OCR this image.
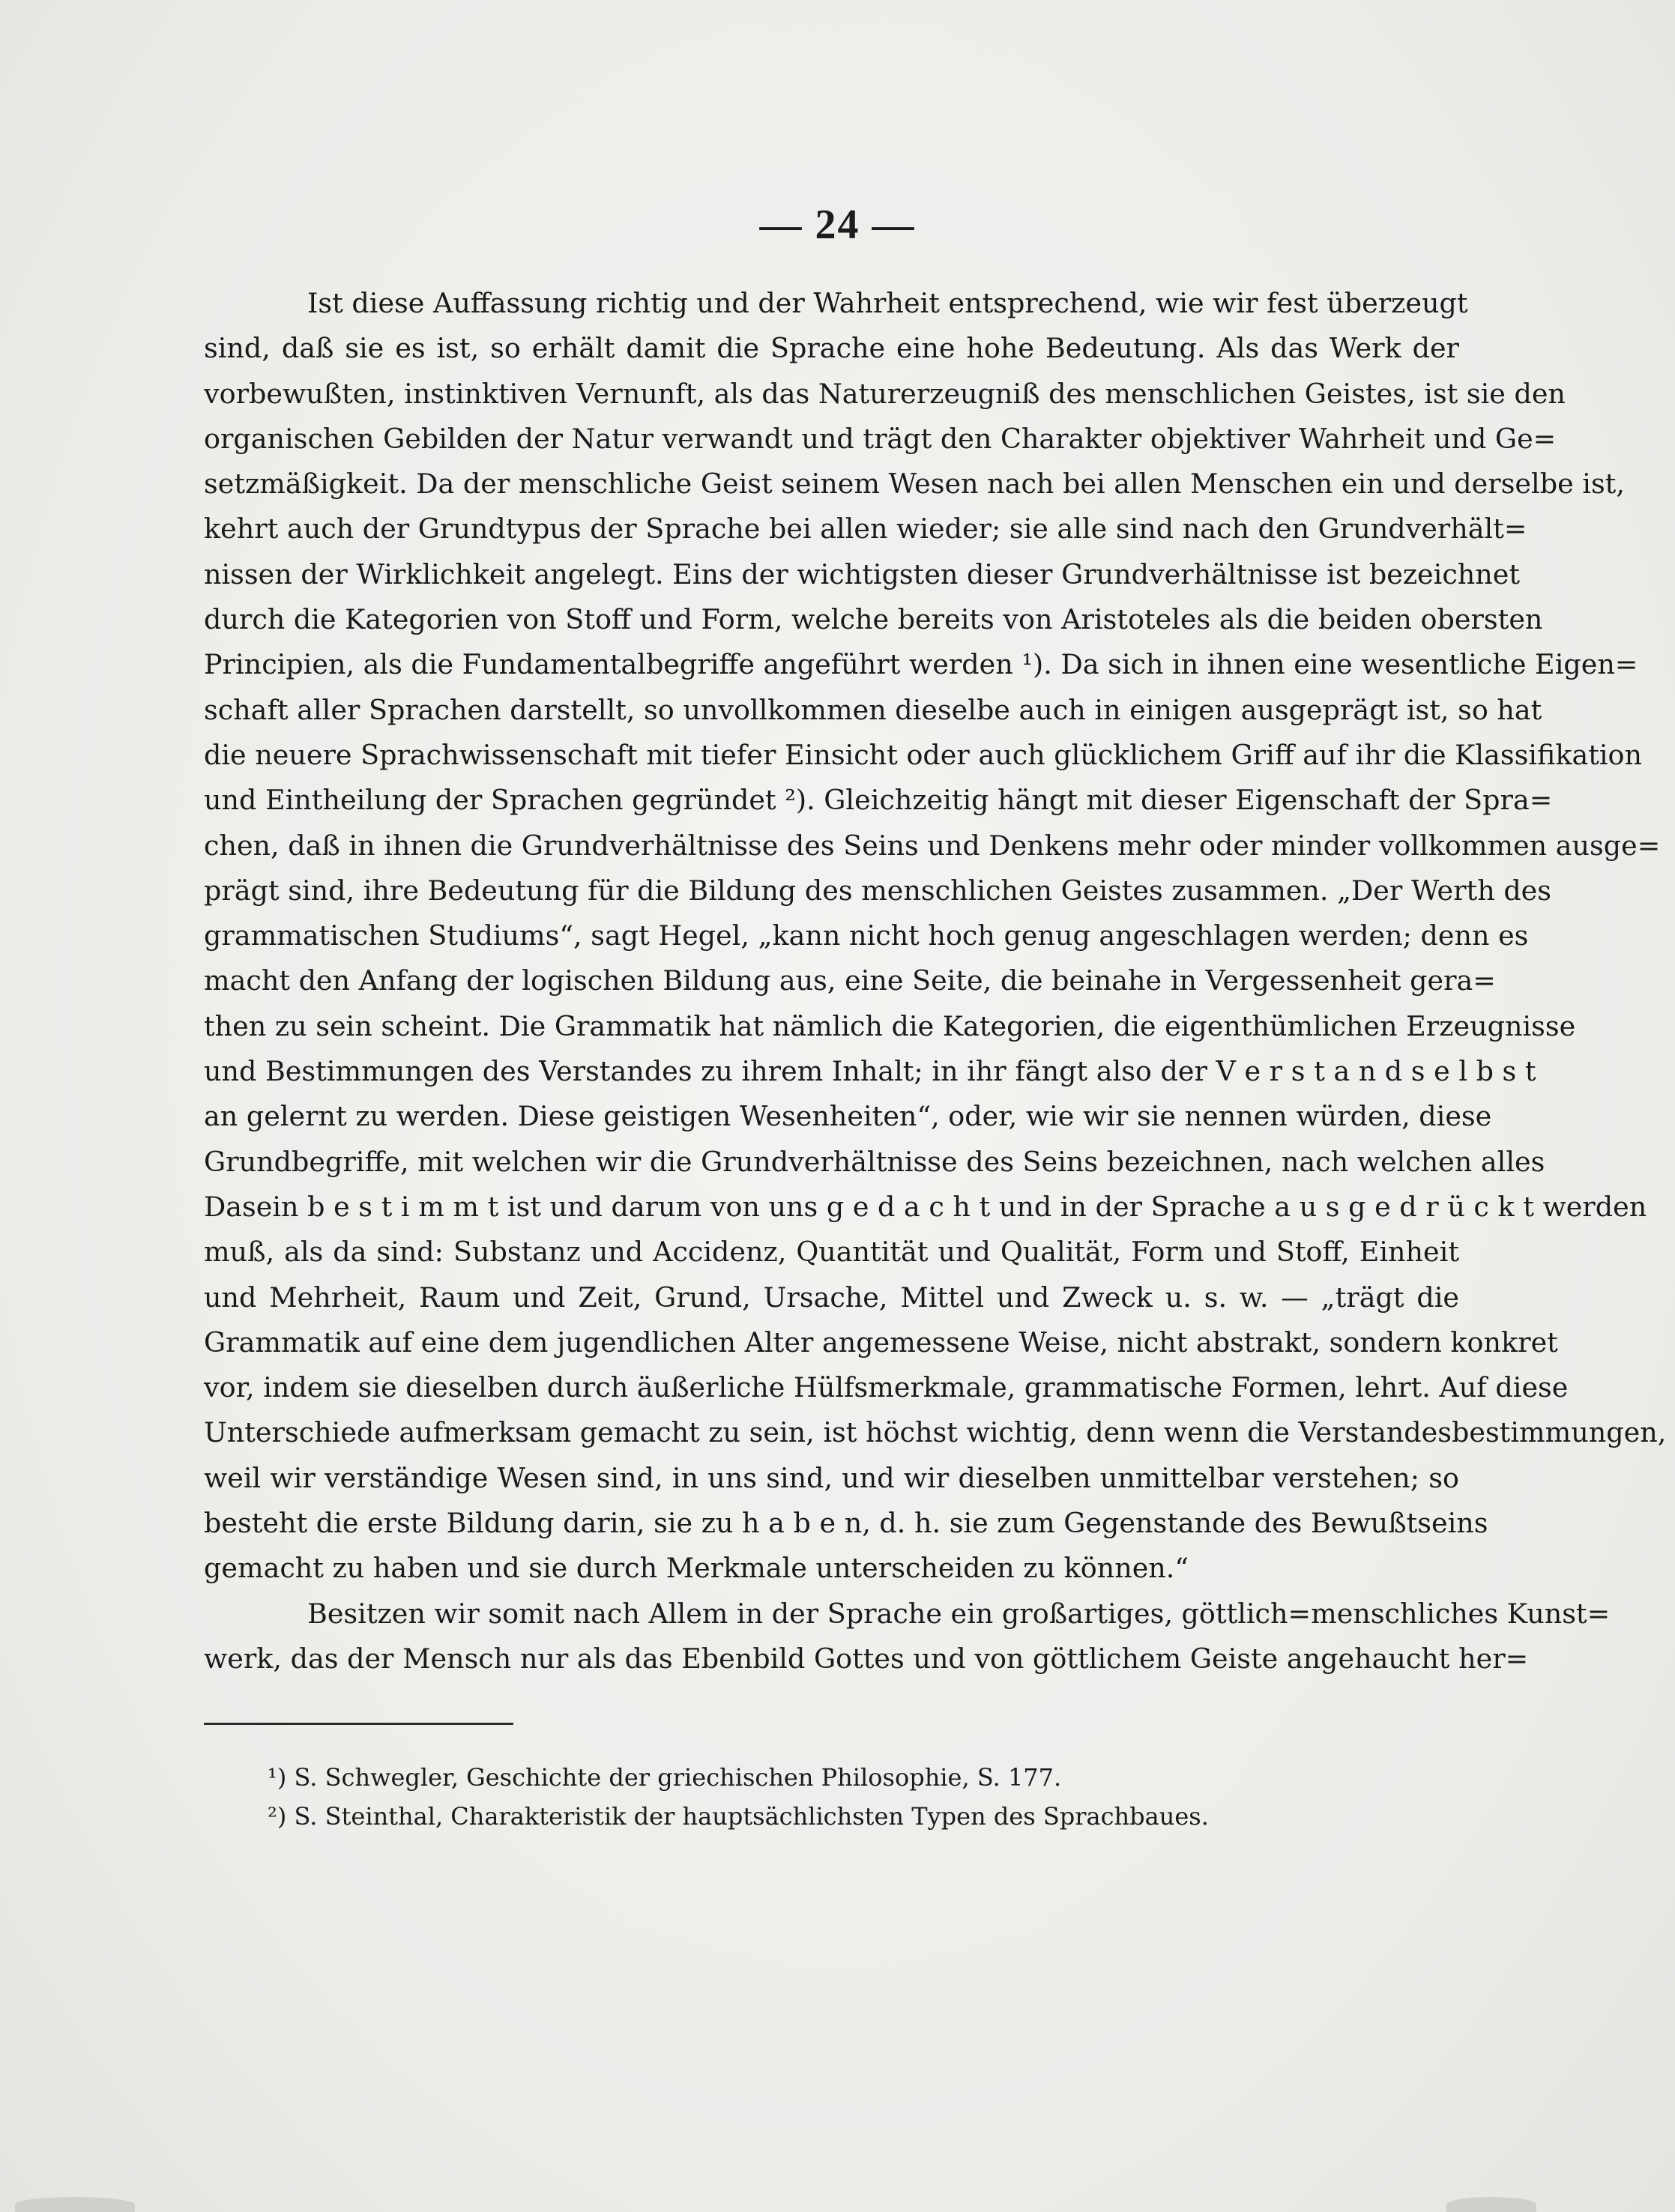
— 24 —
Ist diese Auffassung richtig und der Wahrheit entsprechend, wie wir fest überzeugt
sind, daß sie es ist, so erhält damit die Sprache eine hohe Bedeutung. Als das Werk der
vorbewußten, instinktiven Vernunft, als das Naturerzeugniß des menschlichen Geistes, ist sie den
organischen Gebilden der Natur verwandt und trägt den Charakter objektiver Wahrheit und Ge=
setzmäßigkeit. Da der menschliche Geist seinem Wesen nach bei allen Menschen ein und derselbe ist,
kehrt auch der Grundtypus der Sprache bei allen wieder; sie alle sind nach den Grundverhält=
nissen der Wirklichkeit angelegt. Eins der wichtigsten dieser Grundverhältnisse ist bezeichnet
durch die Kategorien von Stoff und Form, welche bereits von Aristoteles als die beiden obersten
Principien, als die Fundamentalbegriffe angeführt werden ¹). Da sich in ihnen eine wesentliche Eigen=
schaft aller Sprachen darstellt, so unvollkommen dieselbe auch in einigen ausgeprägt ist, so hat
die neuere Sprachwissenschaft mit tiefer Einsicht oder auch glücklichem Griff auf ihr die Klassifikation
und Eintheilung der Sprachen gegründet ²). Gleichzeitig hängt mit dieser Eigenschaft der Spra=
chen, daß in ihnen die Grundverhältnisse des Seins und Denkens mehr oder minder vollkommen ausge=
prägt sind, ihre Bedeutung für die Bildung des menschlichen Geistes zusammen. „Der Werth des
grammatischen Studiums“, sagt Hegel, „kann nicht hoch genug angeschlagen werden; denn es
macht den Anfang der logischen Bildung aus, eine Seite, die beinahe in Vergessenheit gera=
then zu sein scheint. Die Grammatik hat nämlich die Kategorien, die eigenthümlichen Erzeugnisse
und Bestimmungen des Verstandes zu ihrem Inhalt; in ihr fängt also der V e r s t a n d s e l b s t
an gelernt zu werden. Diese geistigen Wesenheiten“, oder, wie wir sie nennen würden, diese
Grundbegriffe, mit welchen wir die Grundverhältnisse des Seins bezeichnen, nach welchen alles
Dasein b e s t i m m t ist und darum von uns g e d a c h t und in der Sprache a u s g e d r ü c k t werden
muß, als da sind: Substanz und Accidenz, Quantität und Qualität, Form und Stoff, Einheit
und Mehrheit, Raum und Zeit, Grund, Ursache, Mittel und Zweck u. s. w. — „trägt die
Grammatik auf eine dem jugendlichen Alter angemessene Weise, nicht abstrakt, sondern konkret
vor, indem sie dieselben durch äußerliche Hülfsmerkmale, grammatische Formen, lehrt. Auf diese
Unterschiede aufmerksam gemacht zu sein, ist höchst wichtig, denn wenn die Verstandesbestimmungen,
weil wir verständige Wesen sind, in uns sind, und wir dieselben unmittelbar verstehen; so
besteht die erste Bildung darin, sie zu h a b e n, d. h. sie zum Gegenstande des Bewußtseins
gemacht zu haben und sie durch Merkmale unterscheiden zu können.“
Besitzen wir somit nach Allem in der Sprache ein großartiges, göttlich=menschliches Kunst=
werk, das der Mensch nur als das Ebenbild Gottes und von göttlichem Geiste angehaucht her=
¹) S. Schwegler, Geschichte der griechischen Philosophie, S. 177.
²) S. Steinthal, Charakteristik der hauptsächlichsten Typen des Sprachbaues.
